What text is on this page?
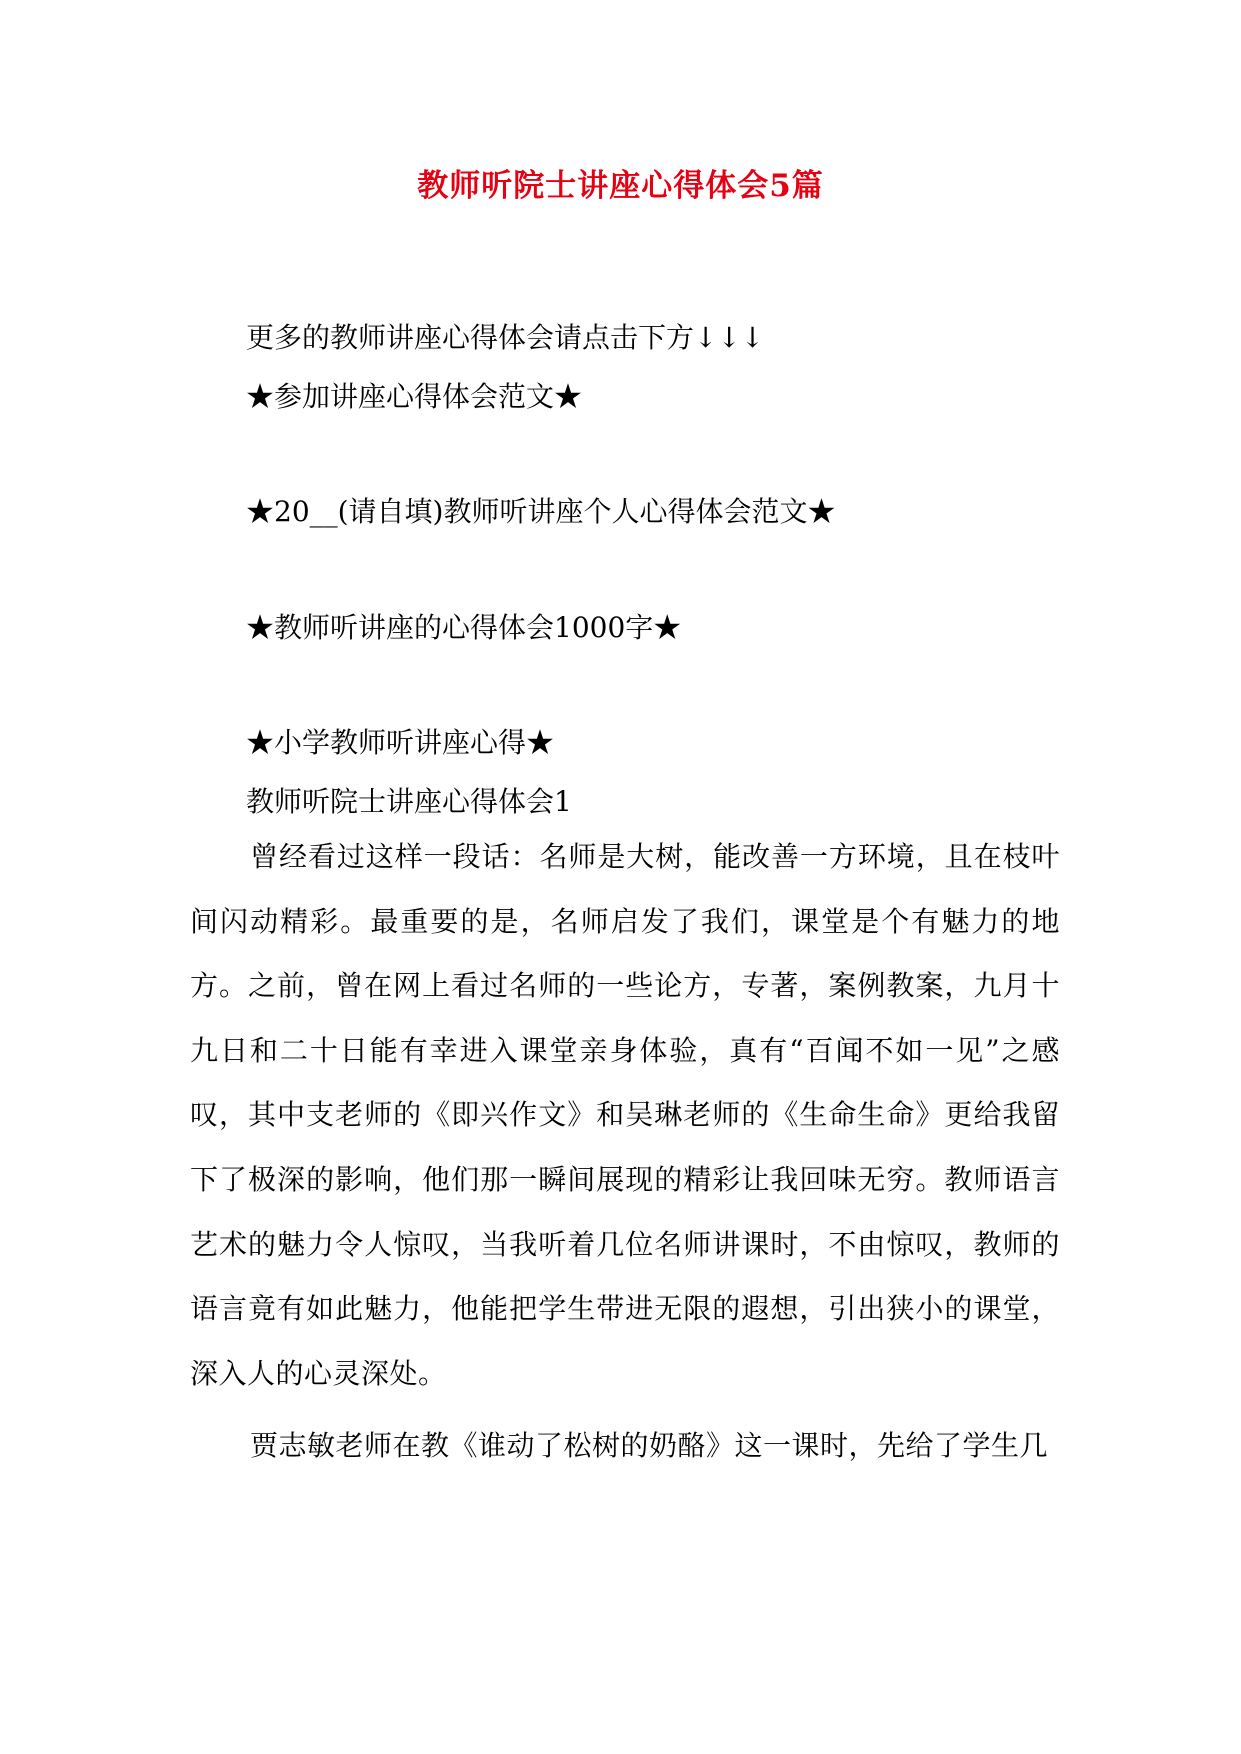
教师听院士讲座心得体会5篇
更多的教师讲座心得体会请点击下方↓↓↓
★参加讲座心得体会范文★
★20__(请自填)教师听讲座个人心得体会范文★
★教师听讲座的心得体会1000字★
★小学教师听讲座心得★
教师听院士讲座心得体会1

曾经看过这样一段话：名师是大树，能改善一方环境，且在枝叶间闪动精彩。最重要的是，名师启发了我们，课堂是个有魅力的地方。之前，曾在网上看过名师的一些论方，专著，案例教案，九月十九日和二十日能有幸进入课堂亲身体验，真有“百闻不如一见”之感叹，其中支老师的《即兴作文》和吴琳老师的《生命生命》更给我留下了极深的影响，他们那一瞬间展现的精彩让我回味无穷。教师语言艺术的魅力令人惊叹，当我听着几位名师讲课时，不由惊叹，教师的语言竟有如此魅力，他能把学生带进无限的遐想，引出狭小的课堂，深入人的心灵深处。

贾志敏老师在教《谁动了松树的奶酪》这一课时，先给了学生几
